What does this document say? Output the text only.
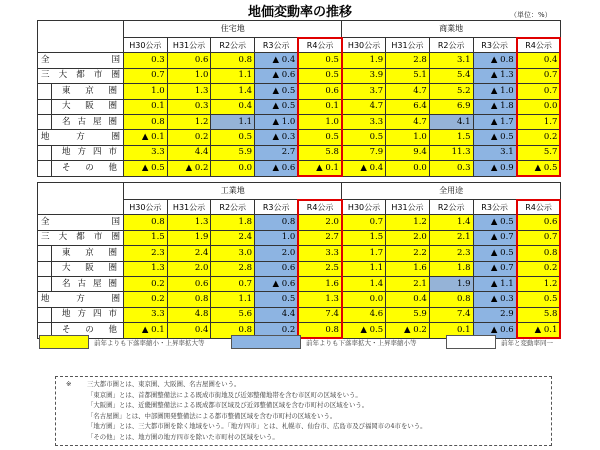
地価変動率の推移	（単位：%）
		住宅地					商業地				
		H30公示	H31公示	R2公示	R3公示	R4公示	H30公示	H31公示	R2公示	R3公示	R4公示

全 国		0.3	0.6	0.8	▲ 0.4	0.5	1.9	2.8	3.1	▲ 0.8	0.4

三 大 都 市 圏		0.7	1.0	1.1	▲ 0.6	0.5	3.9	5.1	5.4	▲ 1.3	0.7

	東 京 圏	1.0	1.3	1.4	▲ 0.5	0.6	3.7	4.7	5.2	▲ 1.0	0.7

	大 阪 圏	0.1	0.3	0.4	▲ 0.5	0.1	4.7	6.4	6.9	▲ 1.8	0.0

	名 古 屋 圏	0.8	1.2	1.1	▲ 1.0	1.0	3.3	4.7	4.1	▲ 1.7	1.7

地 方 圏		▲ 0.1	0.2	0.5	▲ 0.3	0.5	0.5	1.0	1.5	▲ 0.5	0.2

	地 方 四 市	3.3	4.4	5.9	2.7	5.8	7.9	9.4	11.3	3.1	5.7

	そ の 他	▲ 0.5	▲ 0.2	0.0	▲ 0.6	▲ 0.1	▲ 0.4	0.0	0.3	▲ 0.9	▲ 0.5
		工業地					全用途				
		H30公示	H31公示	R2公示	R3公示	R4公示	H30公示	H31公示	R2公示	R3公示	R4公示

全 国		0.8	1.3	1.8	0.8	2.0	0.7	1.2	1.4	▲ 0.5	0.6

三 大 都 市 圏		1.5	1.9	2.4	1.0	2.7	1.5	2.0	2.1	▲ 0.7	0.7

	東 京 圏	2.3	2.4	3.0	2.0	3.3	1.7	2.2	2.3	▲ 0.5	0.8

	大 阪 圏	1.3	2.0	2.8	0.6	2.5	1.1	1.6	1.8	▲ 0.7	0.2

	名 古 屋 圏	0.2	0.6	0.7	▲ 0.6	1.6	1.4	2.1	1.9	▲ 1.1	1.2

地 方 圏		0.2	0.8	1.1	0.5	1.3	0.0	0.4	0.8	▲ 0.3	0.5

	地 方 四 市	3.3	4.8	5.6	4.4	7.4	4.6	5.9	7.4	2.9	5.8

	そ の 他	▲ 0.1	0.4	0.8	0.2	0.8	▲ 0.5	▲ 0.2	0.1	▲ 0.6	▲ 0.1
前年よりも下落率縮小・上昇率拡大等	前年よりも下落率拡大・上昇率縮小等	前年と変動率同一
※ 三大都市圏とは、東京圏、大阪圏、名古屋圏をいう。
「東京圏」とは、首都圏整備法による既成市街地及び近郊整備地帯を含む市区町の区域をいう。
「大阪圏」とは、近畿圏整備法による既成都市区域及び近郊整備区域を含む市町村の区域をいう。
「名古屋圏」とは、中部圏開発整備法による都市整備区域を含む市町村の区域をいう。
「地方圏」とは、三大都市圏を除く地域をいう。「地方四市」とは、札幌市、仙台市、広島市及び福岡市の4市をいう。
「その他」とは、地方圏の地方四市を除いた市町村の区域をいう。
